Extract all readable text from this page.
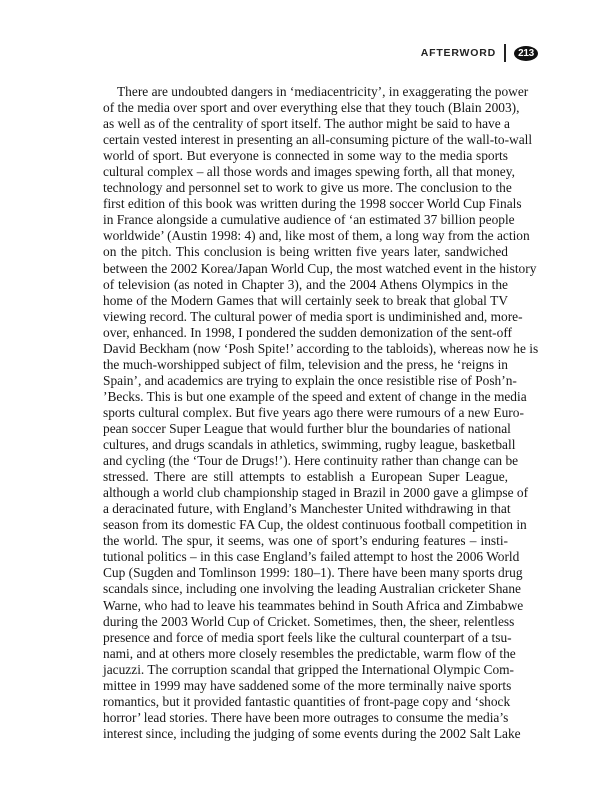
AFTERWORD	213
There are undoubted dangers in ‘mediacentricity’, in exaggerating the power
of the media over sport and over everything else that they touch (Blain 2003),
as well as of the centrality of sport itself. The author might be said to have a
certain vested interest in presenting an all-consuming picture of the wall-to-wall
world of sport. But everyone is connected in some way to the media sports
cultural complex – all those words and images spewing forth, all that money,
technology and personnel set to work to give us more. The conclusion to the
first edition of this book was written during the 1998 soccer World Cup Finals
in France alongside a cumulative audience of ‘an estimated 37 billion people
worldwide’ (Austin 1998: 4) and, like most of them, a long way from the action
on the pitch. This conclusion is being written five years later, sandwiched
between the 2002 Korea/Japan World Cup, the most watched event in the history
of television (as noted in Chapter 3), and the 2004 Athens Olympics in the
home of the Modern Games that will certainly seek to break that global TV
viewing record. The cultural power of media sport is undiminished and, more-
over, enhanced. In 1998, I pondered the sudden demonization of the sent-off
David Beckham (now ‘Posh Spite!’ according to the tabloids), whereas now he is
the much-worshipped subject of film, television and the press, he ‘reigns in
Spain’, and academics are trying to explain the once resistible rise of Posh’n-
’Becks. This is but one example of the speed and extent of change in the media
sports cultural complex. But five years ago there were rumours of a new Euro-
pean soccer Super League that would further blur the boundaries of national
cultures, and drugs scandals in athletics, swimming, rugby league, basketball
and cycling (the ‘Tour de Drugs!’). Here continuity rather than change can be
stressed. There are still attempts to establish a European Super League,
although a world club championship staged in Brazil in 2000 gave a glimpse of
a deracinated future, with England’s Manchester United withdrawing in that
season from its domestic FA Cup, the oldest continuous football competition in
the world. The spur, it seems, was one of sport’s enduring features – insti-
tutional politics – in this case England’s failed attempt to host the 2006 World
Cup (Sugden and Tomlinson 1999: 180–1). There have been many sports drug
scandals since, including one involving the leading Australian cricketer Shane
Warne, who had to leave his teammates behind in South Africa and Zimbabwe
during the 2003 World Cup of Cricket. Sometimes, then, the sheer, relentless
presence and force of media sport feels like the cultural counterpart of a tsu-
nami, and at others more closely resembles the predictable, warm flow of the
jacuzzi. The corruption scandal that gripped the International Olympic Com-
mittee in 1999 may have saddened some of the more terminally naive sports
romantics, but it provided fantastic quantities of front-page copy and ‘shock
horror’ lead stories. There have been more outrages to consume the media’s
interest since, including the judging of some events during the 2002 Salt Lake
